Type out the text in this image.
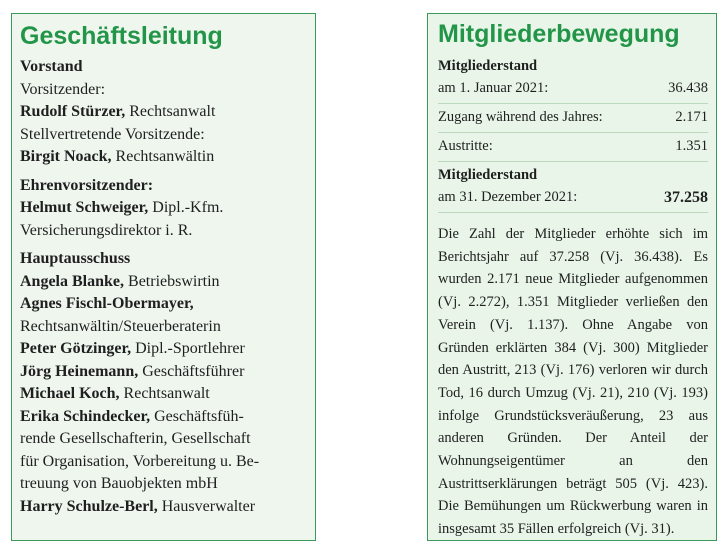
Geschäftsleitung
Vorstand
Vorsitzender:
Rudolf Stürzer, Rechtsanwalt
Stellvertretende Vorsitzende:
Birgit Noack, Rechtsanwältin
Ehrenvorsitzender:
Helmut Schweiger, Dipl.-Kfm.
Versicherungsdirektor i. R.
Hauptausschuss
Angela Blanke, Betriebswirtin
Agnes Fischl-Obermayer,
Rechtsanwältin/Steuerberaterin
Peter Götzinger, Dipl.-Sportlehrer
Jörg Heinemann, Geschäftsführer
Michael Koch, Rechtsanwalt
Erika Schindecker, Geschäftsfüh-
rende Gesellschafterin, Gesellschaft
für Organisation, Vorbereitung u. Be-
treuung von Bauobjekten mbH
Harry Schulze-Berl, Hausverwalter
Mitgliederbewegung
Mitgliederstand
am 1. Januar 2021:	36.438
Zugang während des Jahres:	2.171
Austritte:	1.351
Mitgliederstand
am 31. Dezember 2021:	37.258
Die Zahl der Mitglieder erhöhte sich im Berichtsjahr auf 37.258 (Vj. 36.438). Es wurden 2.171 neue Mitglieder aufgenommen (Vj. 2.272), 1.351 Mitglieder verließen den Verein (Vj. 1.137). Ohne Angabe von Gründen erklärten 384 (Vj. 300) Mitglieder den Austritt, 213 (Vj. 176) verloren wir durch Tod, 16 durch Umzug (Vj. 21), 210 (Vj. 193) infolge Grundstücksveräußerung, 23 aus anderen Gründen. Der Anteil der Wohnungseigentümer an den Austrittserklärungen beträgt 505 (Vj. 423). Die Bemühungen um Rückwerbung waren in insgesamt 35 Fällen erfolgreich (Vj. 31).
